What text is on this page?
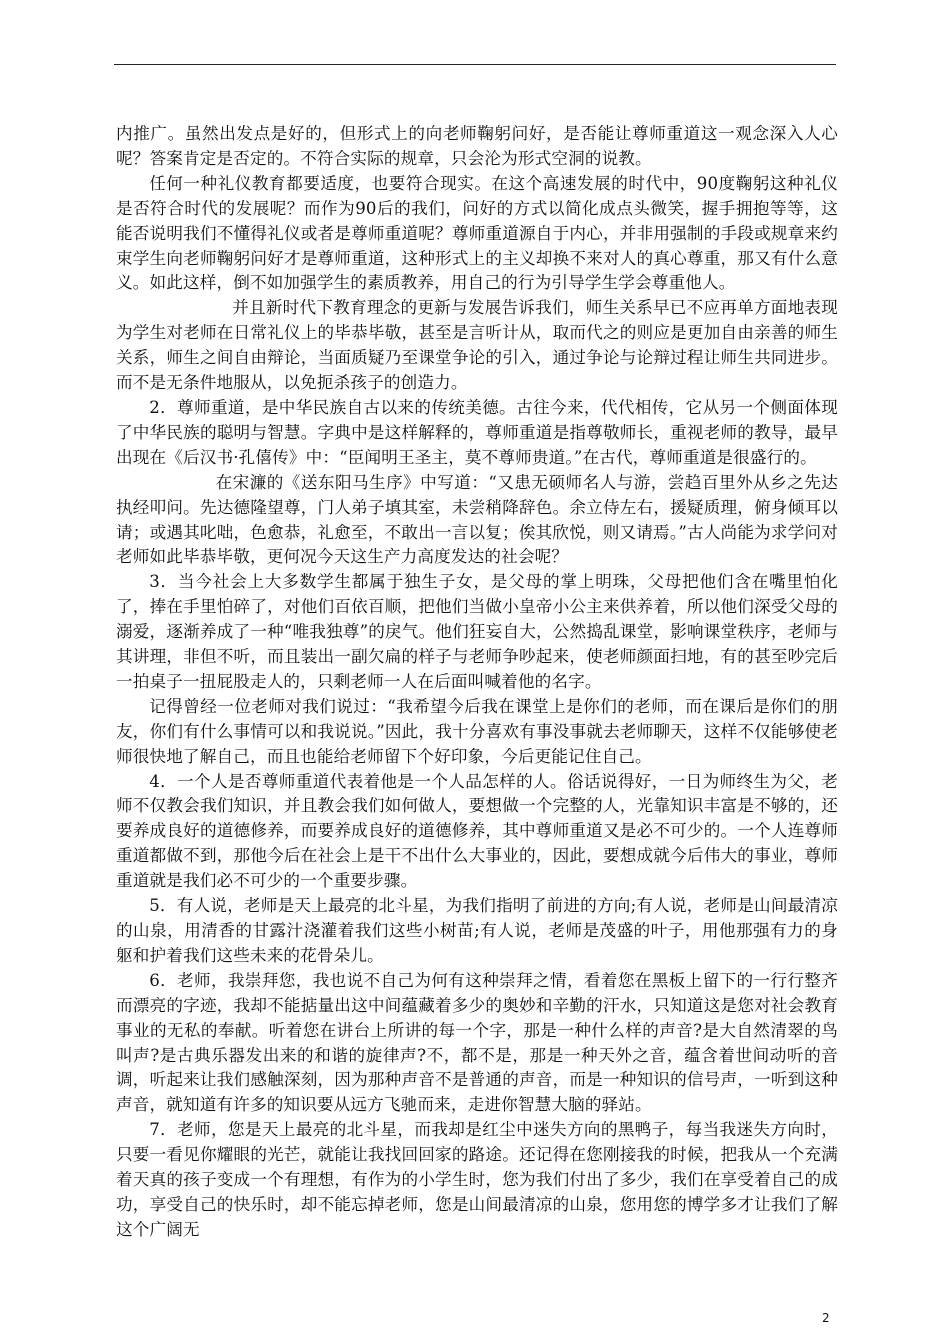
内推广。虽然出发点是好的，但形式上的向老师鞠躬问好，是否能让尊师重道这一观念深入人心呢？答案肯定是否定的。不符合实际的规章，只会沦为形式空洞的说教。

任何一种礼仪教育都要适度，也要符合现实。在这个高速发展的时代中，90度鞠躬这种礼仪是否符合时代的发展呢？而作为90后的我们，问好的方式以简化成点头微笑，握手拥抱等等，这能否说明我们不懂得礼仪或者是尊师重道呢？尊师重道源自于内心，并非用强制的手段或规章来约束学生向老师鞠躬问好才是尊师重道，这种形式上的主义却换不来对人的真心尊重，那又有什么意义。如此这样，倒不如加强学生的素质教养，用自己的行为引导学生学会尊重他人。

并且新时代下教育理念的更新与发展告诉我们，师生关系早已不应再单方面地表现为学生对老师在日常礼仪上的毕恭毕敬，甚至是言听计从，取而代之的则应是更加自由亲善的师生关系，师生之间自由辩论，当面质疑乃至课堂争论的引入，通过争论与论辩过程让师生共同进步。而不是无条件地服从，以免扼杀孩子的创造力。

2．尊师重道，是中华民族自古以来的传统美德。古往今来，代代相传，它从另一个侧面体现了中华民族的聪明与智慧。字典中是这样解释的，尊师重道是指尊敬师长，重视老师的教导，最早出现在《后汉书·孔僖传》中：“臣闻明王圣主，莫不尊师贵道。”在古代，尊师重道是很盛行的。

在宋濂的《送东阳马生序》中写道：“又患无硕师名人与游，尝趋百里外从乡之先达执经叩问。先达德隆望尊，门人弟子填其室，未尝稍降辞色。余立侍左右，援疑质理，俯身倾耳以请；或遇其叱咄，色愈恭，礼愈至，不敢出一言以复；俟其欣悦，则又请焉。”古人尚能为求学问对老师如此毕恭毕敬，更何况今天这生产力高度发达的社会呢？

3．当今社会上大多数学生都属于独生子女，是父母的掌上明珠，父母把他们含在嘴里怕化了，捧在手里怕碎了，对他们百依百顺，把他们当做小皇帝小公主来供养着，所以他们深受父母的溺爱，逐渐养成了一种“唯我独尊”的戾气。他们狂妄自大，公然捣乱课堂，影响课堂秩序，老师与其讲理，非但不听，而且装出一副欠扁的样子与老师争吵起来，使老师颜面扫地，有的甚至吵完后一拍桌子一扭屁股走人的，只剩老师一人在后面叫喊着他的名字。

记得曾经一位老师对我们说过：“我希望今后我在课堂上是你们的老师，而在课后是你们的朋友，你们有什么事情可以和我说说。”因此，我十分喜欢有事没事就去老师聊天，这样不仅能够使老师很快地了解自己，而且也能给老师留下个好印象，今后更能记住自己。

4．一个人是否尊师重道代表着他是一个人品怎样的人。俗话说得好，一日为师终生为父，老师不仅教会我们知识，并且教会我们如何做人，要想做一个完整的人，光靠知识丰富是不够的，还要养成良好的道德修养，而要养成良好的道德修养，其中尊师重道又是必不可少的。一个人连尊师重道都做不到，那他今后在社会上是干不出什么大事业的，因此，要想成就今后伟大的事业，尊师重道就是我们必不可少的一个重要步骤。

5．有人说，老师是天上最亮的北斗星，为我们指明了前进的方向;有人说，老师是山间最清凉的山泉，用清香的甘露汁浇灌着我们这些小树苗;有人说，老师是茂盛的叶子，用他那强有力的身躯和护着我们这些未来的花骨朵儿。

6．老师，我崇拜您，我也说不自己为何有这种崇拜之情，看着您在黑板上留下的一行行整齐而漂亮的字迹，我却不能掂量出这中间蕴藏着多少的奥妙和辛勤的汗水，只知道这是您对社会教育事业的无私的奉献。听着您在讲台上所讲的每一个字，那是一种什么样的声音?是大自然清翠的鸟叫声?是古典乐器发出来的和谐的旋律声?不，都不是，那是一种天外之音，蕴含着世间动听的音调，听起来让我们感触深刻，因为那种声音不是普通的声音，而是一种知识的信号声，一听到这种声音，就知道有许多的知识要从远方飞驰而来，走进你智慧大脑的驿站。

7．老师，您是天上最亮的北斗星，而我却是红尘中迷失方向的黑鸭子，每当我迷失方向时，只要一看见你耀眼的光芒，就能让我找回回家的路途。还记得在您刚接我的时候，把我从一个充满着天真的孩子变成一个有理想，有作为的小学生时，您为我们付出了多少，我们在享受着自己的成功，享受自己的快乐时，却不能忘掉老师，您是山间最清凉的山泉，您用您的博学多才让我们了解这个广阔无

2
